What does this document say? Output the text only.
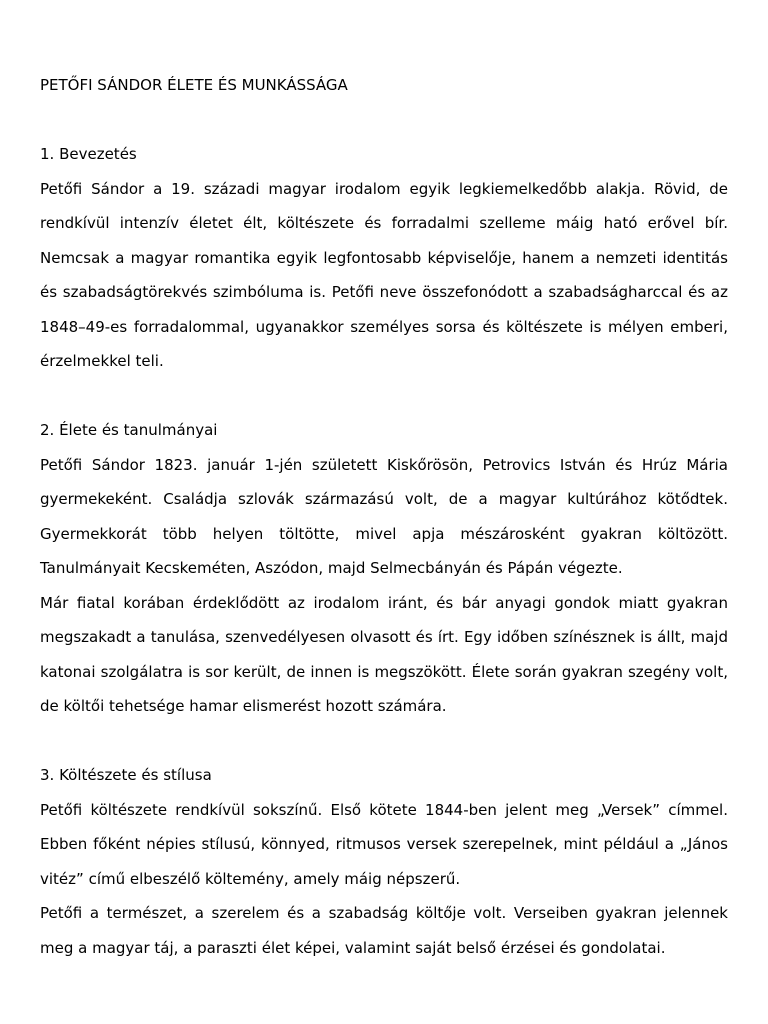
PETŐFI SÁNDOR ÉLETE ÉS MUNKÁSSÁGA
1. Bevezetés

Petőfi Sándor a 19. századi magyar irodalom egyik legkiemelkedőbb alakja. Rövid, de rendkívül intenzív életet élt, költészete és forradalmi szelleme máig ható erővel bír. Nemcsak a magyar romantika egyik legfontosabb képviselője, hanem a nemzeti identitás és szabadságtörekvés szimbóluma is. Petőfi neve összefonódott a szabadságharccal és az 1848–49-es forradalommal, ugyanakkor személyes sorsa és költészete is mélyen emberi, érzelmekkel teli.

2. Élete és tanulmányai

Petőfi Sándor 1823. január 1-jén született Kiskőrösön, Petrovics István és Hrúz Mária gyermekeként. Családja szlovák származású volt, de a magyar kultúrához kötődtek. Gyermekkorát több helyen töltötte, mivel apja mészárosként gyakran költözött. Tanulmányait Kecskeméten, Aszódon, majd Selmecbányán és Pápán végezte.

Már fiatal korában érdeklődött az irodalom iránt, és bár anyagi gondok miatt gyakran megszakadt a tanulása, szenvedélyesen olvasott és írt. Egy időben színésznek is állt, majd katonai szolgálatra is sor került, de innen is megszökött. Élete során gyakran szegény volt, de költői tehetsége hamar elismerést hozott számára.

3. Költészete és stílusa

Petőfi költészete rendkívül sokszínű. Első kötete 1844-ben jelent meg „Versek” címmel. Ebben főként népies stílusú, könnyed, ritmusos versek szerepelnek, mint például a „János vitéz” című elbeszélő költemény, amely máig népszerű.

Petőfi a természet, a szerelem és a szabadság költője volt. Verseiben gyakran jelennek meg a magyar táj, a paraszti élet képei, valamint saját belső érzései és gondolatai.
